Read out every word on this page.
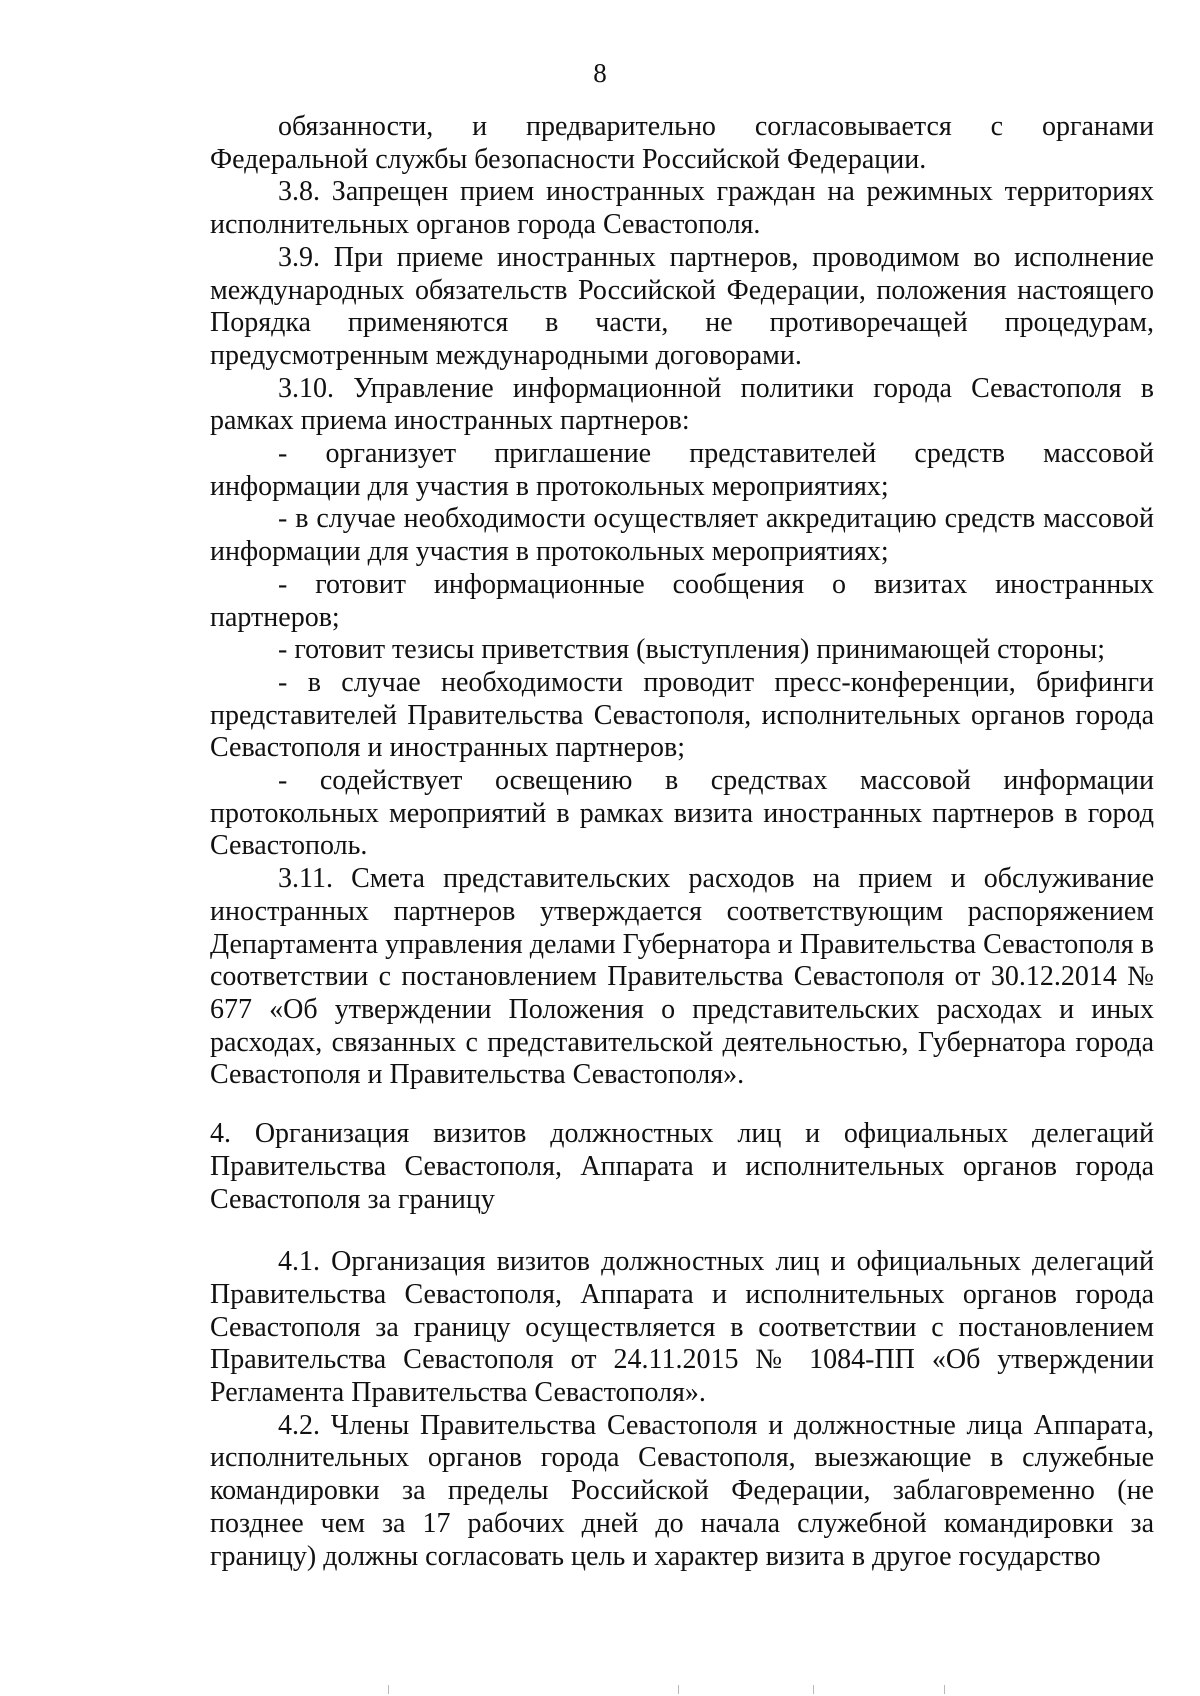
8

обязанности, и предварительно согласовывается с органами Федеральной службы безопасности Российской Федерации.

3.8. Запрещен прием иностранных граждан на режимных территориях исполнительных органов города Севастополя.

3.9. При приеме иностранных партнеров, проводимом во исполнение международных обязательств Российской Федерации, положения настоящего Порядка применяются в части, не противоречащей процедурам, предусмотренным международными договорами.

3.10. Управление информационной политики города Севастополя в рамках приема иностранных партнеров:

- организует приглашение представителей средств массовой информации для участия в протокольных мероприятиях;

- в случае необходимости осуществляет аккредитацию средств массовой информации для участия в протокольных мероприятиях;

- готовит информационные сообщения о визитах иностранных партнеров;

- готовит тезисы приветствия (выступления) принимающей стороны;

- в случае необходимости проводит пресс-конференции, брифинги представителей Правительства Севастополя, исполнительных органов города Севастополя и иностранных партнеров;

- содействует освещению в средствах массовой информации протокольных мероприятий в рамках визита иностранных партнеров в город Севастополь.

3.11. Смета представительских расходов на прием и обслуживание иностранных партнеров утверждается соответствующим распоряжением Департамента управления делами Губернатора и Правительства Севастополя в соответствии с постановлением Правительства Севастополя от 30.12.2014 № 677 «Об утверждении Положения о представительских расходах и иных расходах, связанных с представительской деятельностью, Губернатора города Севастополя и Правительства Севастополя».

4. Организация визитов должностных лиц и официальных делегаций Правительства Севастополя, Аппарата и исполнительных органов города Севастополя за границу

4.1. Организация визитов должностных лиц и официальных делегаций Правительства Севастополя, Аппарата и исполнительных органов города Севастополя за границу осуществляется в соответствии с постановлением Правительства Севастополя от 24.11.2015 № 1084-ПП «Об утверждении Регламента Правительства Севастополя».

4.2. Члены Правительства Севастополя и должностные лица Аппарата, исполнительных органов города Севастополя, выезжающие в служебные командировки за пределы Российской Федерации, заблаговременно (не позднее чем за 17 рабочих дней до начала служебной командировки за границу) должны согласовать цель и характер визита в другое государство
